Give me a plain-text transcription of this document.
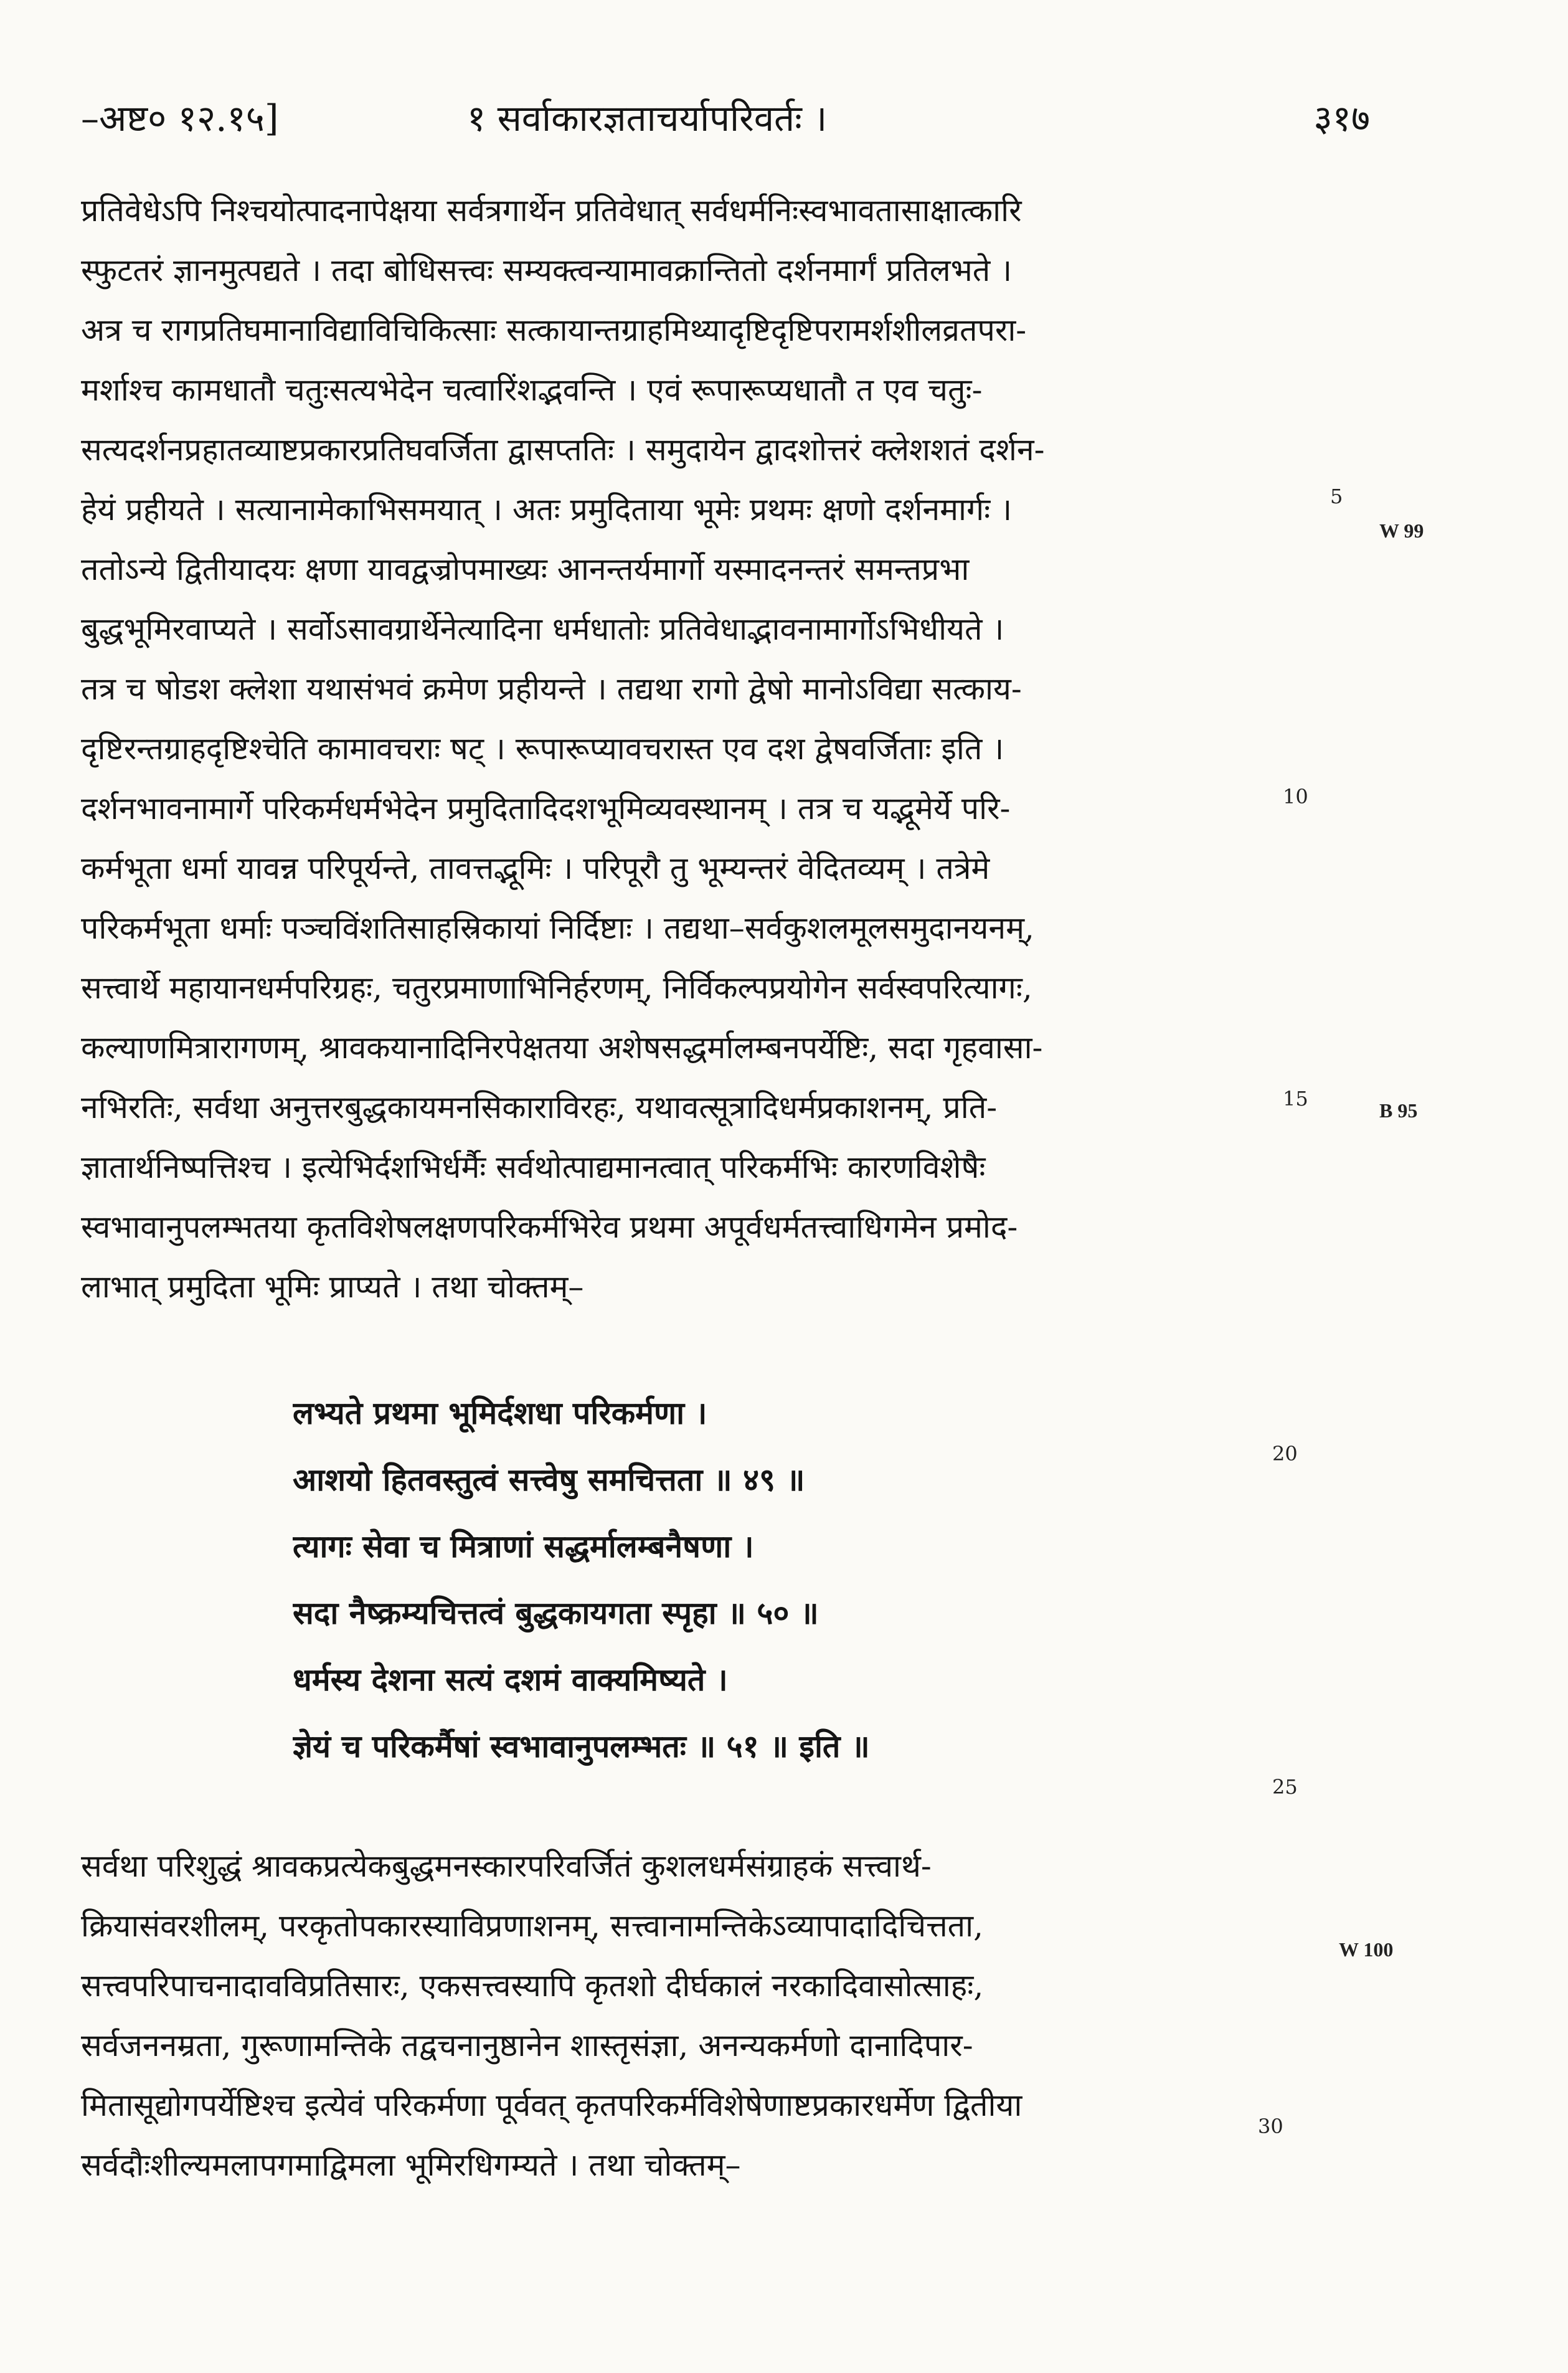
–अष्ट० १२.१५]	१ सर्वाकारज्ञताचर्यापरिवर्तः ।	३१७
प्रतिवेधेऽपि निश्चयोत्पादनापेक्षया सर्वत्रगार्थेन प्रतिवेधात् सर्वधर्मनिःस्वभावतासाक्षात्कारि
स्फुटतरं ज्ञानमुत्पद्यते । तदा बोधिसत्त्वः सम्यक्त्वन्यामावक्रान्तितो दर्शनमार्गं प्रतिलभते ।
अत्र च रागप्रतिघमानाविद्याविचिकित्साः सत्कायान्तग्राहमिथ्यादृष्टिदृष्टिपरामर्शशीलव्रतपरा-
मर्शाश्च कामधातौ चतुःसत्यभेदेन चत्वारिंशद्भवन्ति । एवं रूपारूप्यधातौ त एव चतुः-
सत्यदर्शनप्रहातव्याष्टप्रकारप्रतिघवर्जिता द्वासप्ततिः । समुदायेन द्वादशोत्तरं क्लेशशतं दर्शन-
हेयं प्रहीयते । सत्यानामेकाभिसमयात् । अतः प्रमुदिताया भूमेः प्रथमः क्षणो दर्शनमार्गः ।
ततोऽन्ये द्वितीयादयः क्षणा यावद्वज्रोपमाख्यः आनन्तर्यमार्गो यस्मादनन्तरं समन्तप्रभा
बुद्धभूमिरवाप्यते । सर्वोऽसावग्रार्थेनेत्यादिना धर्मधातोः प्रतिवेधाद्भावनामार्गोऽभिधीयते ।
तत्र च षोडश क्लेशा यथासंभवं क्रमेण प्रहीयन्ते । तद्यथा रागो द्वेषो मानोऽविद्या सत्काय-
दृष्टिरन्तग्राहदृष्टिश्चेति कामावचराः षट् । रूपारूप्यावचरास्त एव दश द्वेषवर्जिताः इति ।
दर्शनभावनामार्गे परिकर्मधर्मभेदेन प्रमुदितादिदशभूमिव्यवस्थानम् । तत्र च यद्भूमेर्ये परि-
कर्मभूता धर्मा यावन्न परिपूर्यन्ते, तावत्तद्भूमिः । परिपूरौ तु भूम्यन्तरं वेदितव्यम् । तत्रेमे
परिकर्मभूता धर्माः पञ्चविंशतिसाहस्रिकायां निर्दिष्टाः । तद्यथा–सर्वकुशलमूलसमुदानयनम्,
सत्त्वार्थे महायानधर्मपरिग्रहः, चतुरप्रमाणाभिनिर्हरणम्, निर्विकल्पप्रयोगेन सर्वस्वपरित्यागः,
कल्याणमित्रारागणम्, श्रावकयानादिनिरपेक्षतया अशेषसद्धर्मालम्बनपर्येष्टिः, सदा गृहवासा-
नभिरतिः, सर्वथा अनुत्तरबुद्धकायमनसिकाराविरहः, यथावत्सूत्रादिधर्मप्रकाशनम्, प्रति-
ज्ञातार्थनिष्पत्तिश्च । इत्येभिर्दशभिर्धर्मैः सर्वथोत्पाद्यमानत्वात् परिकर्मभिः कारणविशेषैः
स्वभावानुपलम्भतया कृतविशेषलक्षणपरिकर्मभिरेव प्रथमा अपूर्वधर्मतत्त्वाधिगमेन प्रमोद-
लाभात् प्रमुदिता भूमिः प्राप्यते । तथा चोक्तम्–
लभ्यते प्रथमा भूमिर्दशधा परिकर्मणा ।
आशयो हितवस्तुत्वं सत्त्वेषु समचित्तता ॥ ४९ ॥
त्यागः सेवा च मित्राणां सद्धर्मालम्बनैषणा ।
सदा नैष्क्रम्यचित्तत्वं बुद्धकायगता स्पृहा ॥ ५० ॥
धर्मस्य देशना सत्यं दशमं वाक्यमिष्यते ।
ज्ञेयं च परिकर्मैषां स्वभावानुपलम्भतः ॥ ५१ ॥ इति ॥
सर्वथा परिशुद्धं श्रावकप्रत्येकबुद्धमनस्कारपरिवर्जितं कुशलधर्मसंग्राहकं सत्त्वार्थ-
क्रियासंवरशीलम्, परकृतोपकारस्याविप्रणाशनम्, सत्त्वानामन्तिकेऽव्यापादादिचित्तता,
सत्त्वपरिपाचनादावविप्रतिसारः, एकसत्त्वस्यापि कृतशो दीर्घकालं नरकादिवासोत्साहः,
सर्वजननम्रता, गुरूणामन्तिके तद्वचनानुष्ठानेन शास्तृसंज्ञा, अनन्यकर्मणो दानादिपार-
मितासूद्योगपर्येष्टिश्च इत्येवं परिकर्मणा पूर्ववत् कृतपरिकर्मविशेषेणाष्टप्रकारधर्मेण द्वितीया
सर्वदौःशील्यमलापगमाद्विमला भूमिरधिगम्यते । तथा चोक्तम्–
5
10
15
20
25
30
W 99
B 95
W 100
